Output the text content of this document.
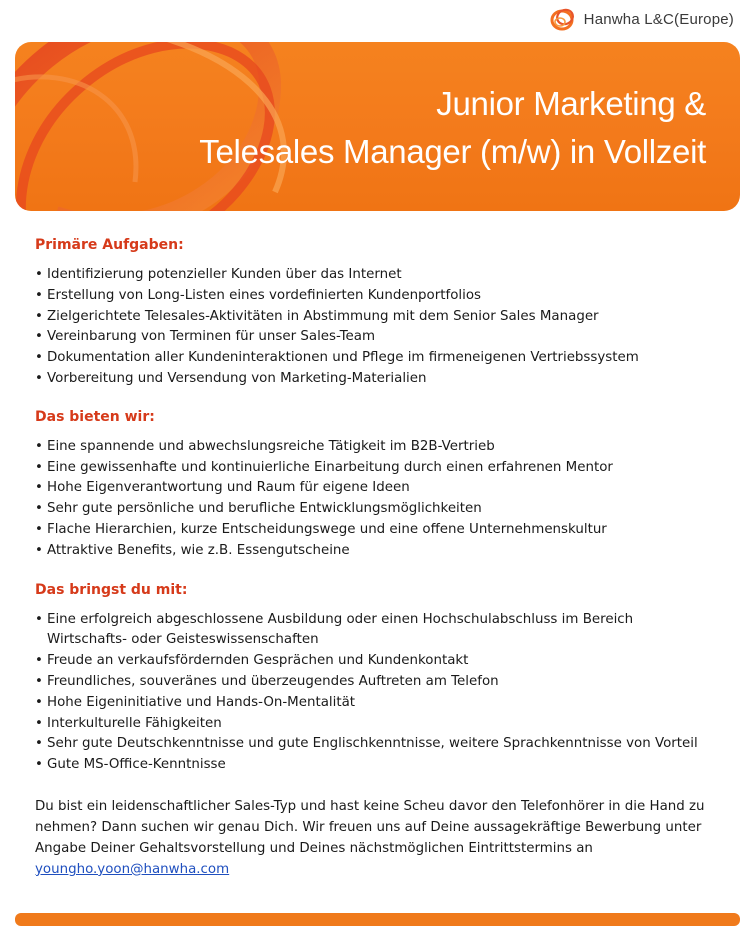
Hanwha L&C(Europe)
Junior Marketing &
Telesales Manager (m/w) in Vollzeit
Primäre Aufgaben:
• Identifizierung potenzieller Kunden über das Internet
• Erstellung von Long-Listen eines vordefinierten Kundenportfolios
• Zielgerichtete Telesales-Aktivitäten in Abstimmung mit dem Senior Sales Manager
• Vereinbarung von Terminen für unser Sales-Team
• Dokumentation aller Kundeninteraktionen und Pflege im firmeneigenen Vertriebssystem
• Vorbereitung und Versendung von Marketing-Materialien
Das bieten wir:
• Eine spannende und abwechslungsreiche Tätigkeit im B2B-Vertrieb
• Eine gewissenhafte und kontinuierliche Einarbeitung durch einen erfahrenen Mentor
• Hohe Eigenverantwortung und Raum für eigene Ideen
• Sehr gute persönliche und berufliche Entwicklungsmöglichkeiten
• Flache Hierarchien, kurze Entscheidungswege und eine offene Unternehmenskultur
• Attraktive Benefits, wie z.B. Essengutscheine
Das bringst du mit:
• Eine erfolgreich abgeschlossene Ausbildung oder einen Hochschulabschluss im Bereich Wirtschafts- oder Geisteswissenschaften
• Freude an verkaufsfördernden Gesprächen und Kundenkontakt
• Freundliches, souveränes und überzeugendes Auftreten am Telefon
• Hohe Eigeninitiative und Hands-On-Mentalität
• Interkulturelle Fähigkeiten
• Sehr gute Deutschkenntnisse und gute Englischkenntnisse, weitere Sprachkenntnisse von Vorteil
• Gute MS-Office-Kenntnisse
Du bist ein leidenschaftlicher Sales-Typ und hast keine Scheu davor den Telefonhörer in die Hand zu nehmen? Dann suchen wir genau Dich. Wir freuen uns auf Deine aussagekräftige Bewerbung unter Angabe Deiner Gehaltsvorstellung und Deines nächstmöglichen Eintrittstermins an
youngho.yoon@hanwha.com
